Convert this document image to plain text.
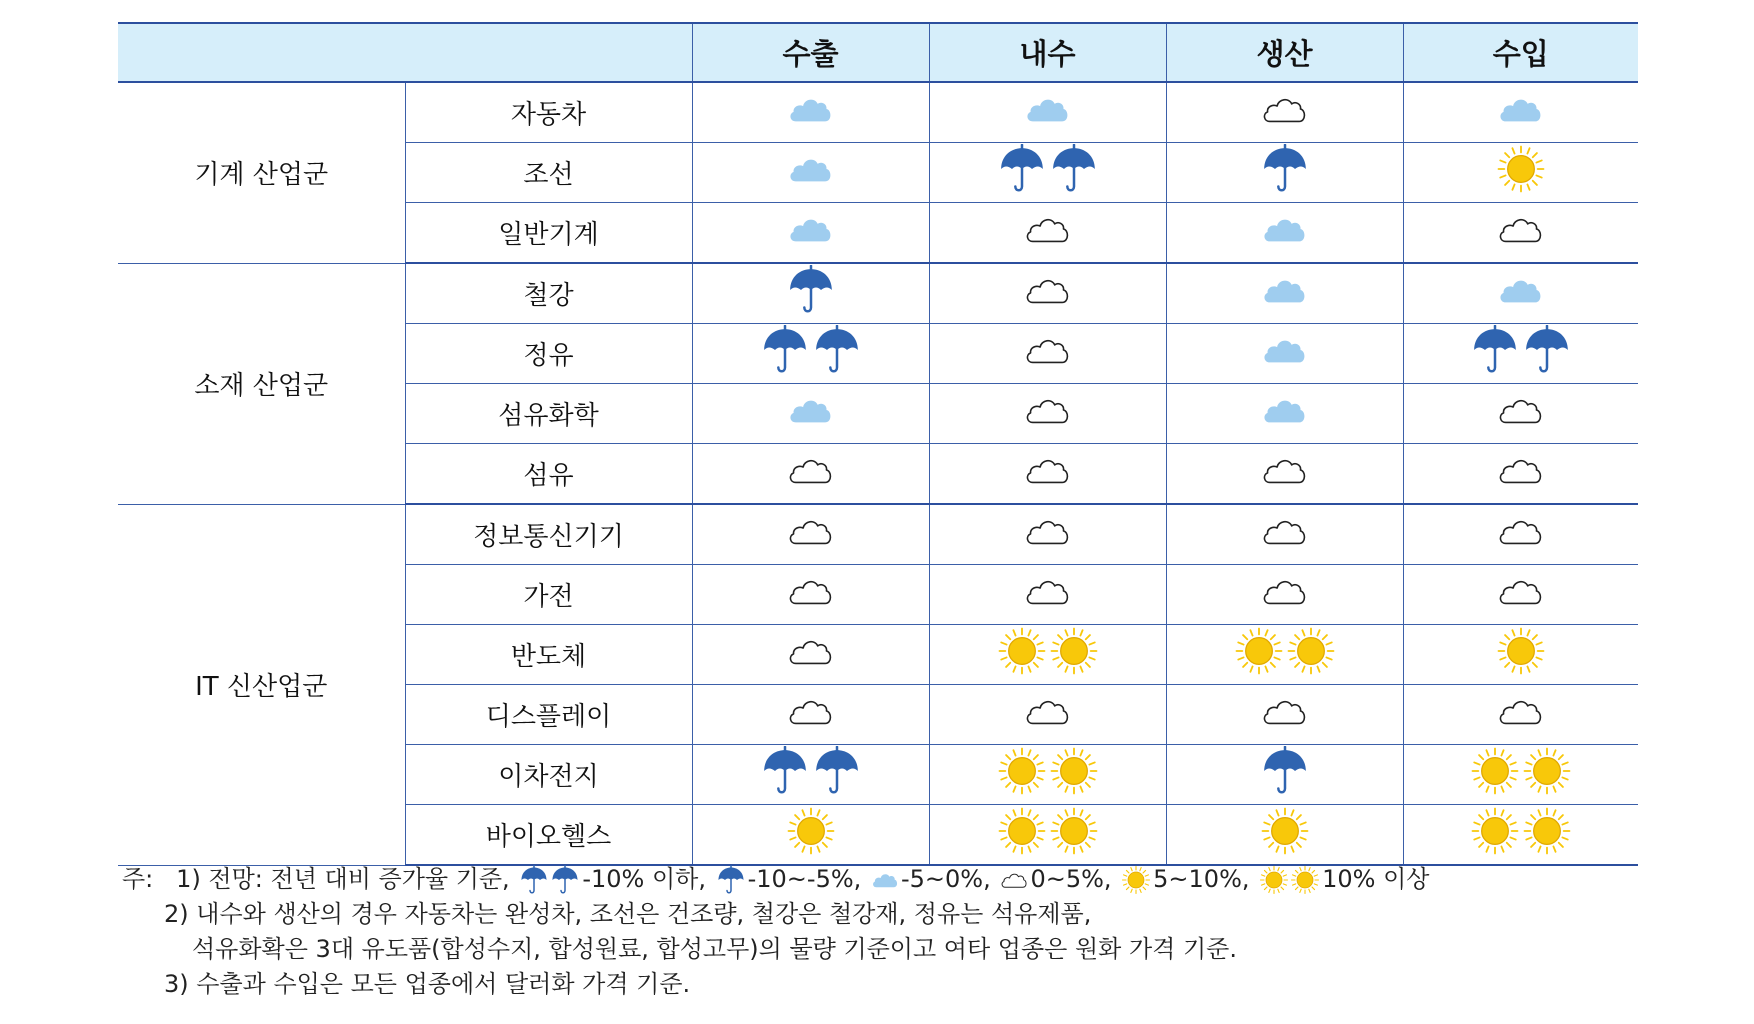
		수출	내수	생산	수입
기계 산업군	자동차	

	조선	

	일반기계	

소재 산업군	철강	

	정유	

	섬유화학	

	섬유	

IT 신산업군	정보통신기기	

	가전	

	반도체	

	디스플레이	

	이차전지	

	바이오헬스	

주: 1) 전망: 전년 대비 증가율 기준,	-10% 이하,
-10~-5%,
-5~0%,
0~5%,
5~10%,	10% 이상
2) 내수와 생산의 경우 자동차는 완성차, 조선은 건조량, 철강은 철강재, 정유는 석유제품,
석유화확은 3대 유도품(합성수지, 합성원료, 합성고무)의 물량 기준이고 여타 업종은 원화 가격 기준.
3) 수출과 수입은 모든 업종에서 달러화 가격 기준.
